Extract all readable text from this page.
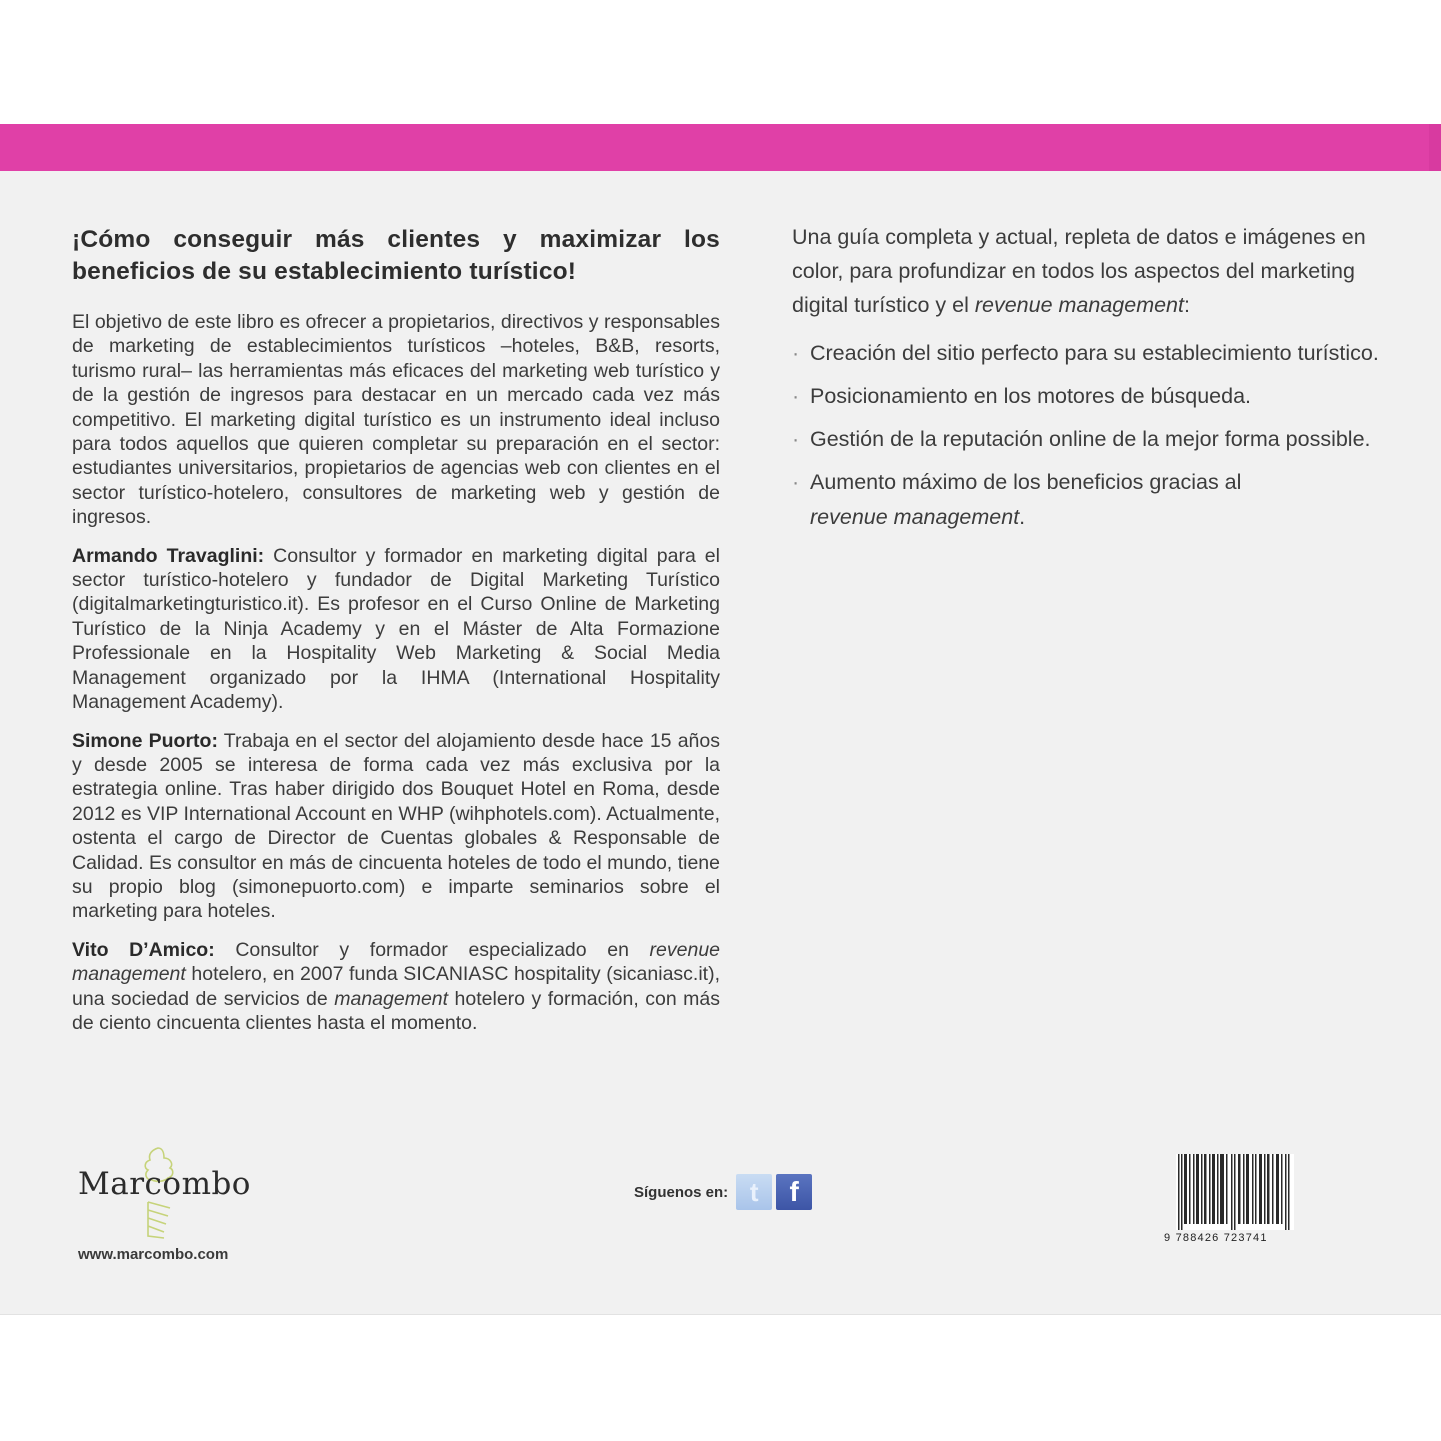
¡Cómo conseguir más clientes y maximizar los beneficios de su establecimiento turístico!

El objetivo de este libro es ofrecer a propietarios, directivos y responsables de marketing de establecimientos turísticos –hoteles, B&B, resorts, turismo rural– las herramientas más eficaces del marketing web turístico y de la gestión de ingresos para destacar en un mercado cada vez más competitivo. El marketing digital turístico es un instrumento ideal incluso para todos aquellos que quieren completar su preparación en el sector: estudiantes universitarios, propietarios de agencias web con clientes en el sector turístico-hotelero, consultores de marketing web y gestión de ingresos.

Armando Travaglini: Consultor y formador en marketing digital para el sector turístico-hotelero y fundador de Digital Marketing Turístico (digitalmarketingturistico.it). Es profesor en el Curso Online de Marketing Turístico de la Ninja Academy y en el Máster de Alta Formazione Professionale en la Hospitality Web Marketing & Social Media Management organizado por la IHMA (International Hospitality Management Academy).

Simone Puorto: Trabaja en el sector del alojamiento desde hace 15 años y desde 2005 se interesa de forma cada vez más exclusiva por la estrategia online. Tras haber dirigido dos Bouquet Hotel en Roma, desde 2012 es VIP International Account en WHP (wihphotels.com). Actualmente, ostenta el cargo de Director de Cuentas globales & Responsable de Calidad. Es consultor en más de cincuenta hoteles de todo el mundo, tiene su propio blog (simonepuorto.com) e imparte seminarios sobre el marketing para hoteles.

Vito D’Amico: Consultor y formador especializado en revenue management hotelero, en 2007 funda SICANIASC hospitality (sicaniasc.it), una sociedad de servicios de management hotelero y formación, con más de ciento cincuenta clientes hasta el momento.

Una guía completa y actual, repleta de datos e imágenes en color, para profundizar en todos los aspectos del marketing digital turístico y el revenue management:

· Creación del sitio perfecto para su establecimiento turístico.
· Posicionamiento en los motores de búsqueda.
· Gestión de la reputación online de la mejor forma possible.
· Aumento máximo de los beneficios gracias al
revenue management.
Marcombo
www.marcombo.com
Síguenos en: t	f
9 788426 723741
